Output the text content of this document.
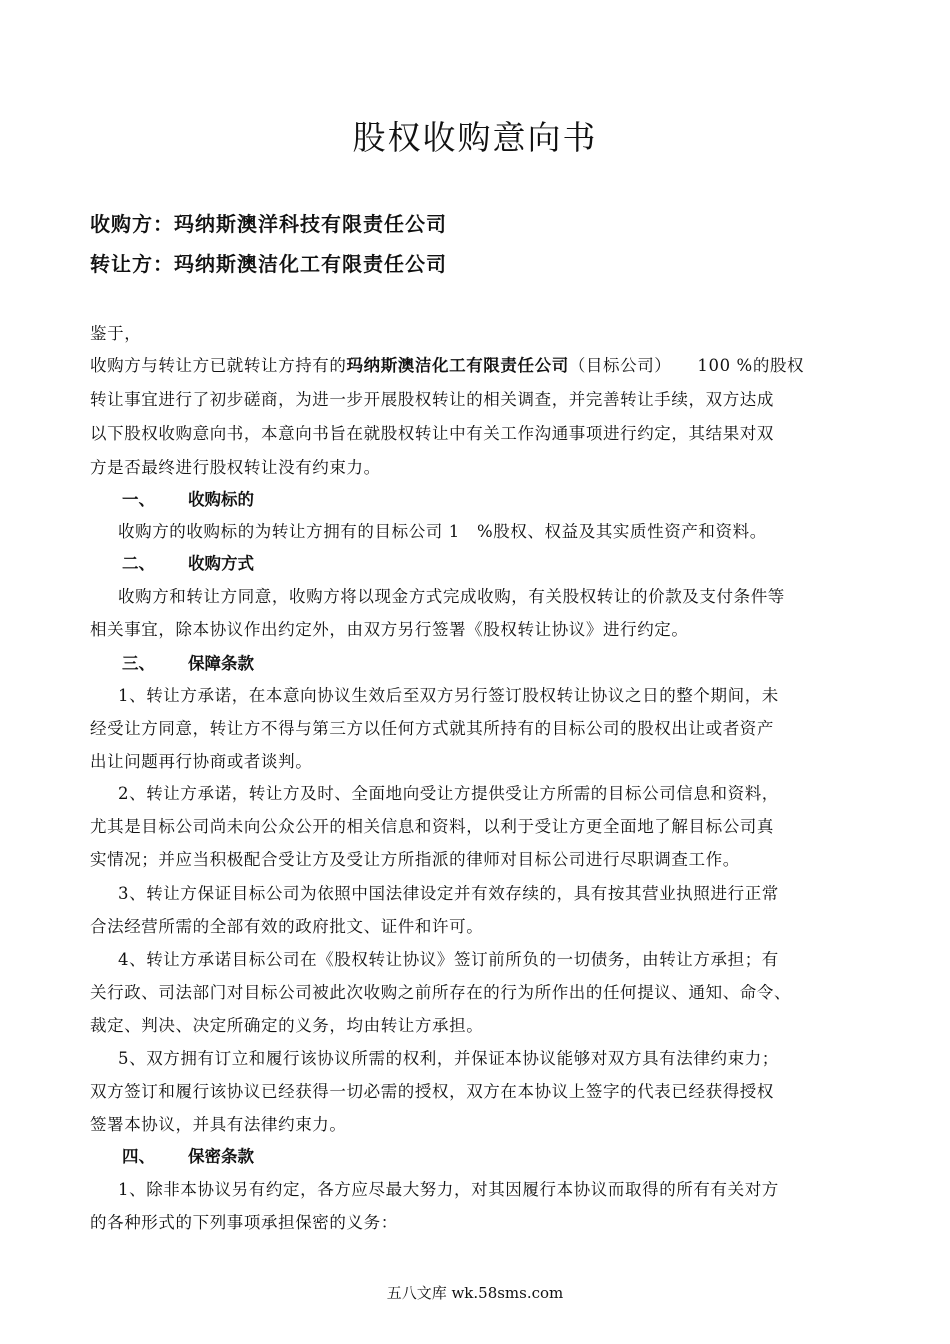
股权收购意向书
收购方：玛纳斯澳洋科技有限责任公司
转让方：玛纳斯澳洁化工有限责任公司
鉴于，
收购方与转让方已就转让方持有的玛纳斯澳洁化工有限责任公司（目标公司） 100 %的股权
转让事宜进行了初步磋商，为进一步开展股权转让的相关调查，并完善转让手续，双方达成
以下股权收购意向书，本意向书旨在就股权转让中有关工作沟通事项进行约定，其结果对双
方是否最终进行股权转让没有约束力。
一、 收购标的
收购方的收购标的为转让方拥有的目标公司 1　%股权、权益及其实质性资产和资料。
二、 收购方式
收购方和转让方同意，收购方将以现金方式完成收购，有关股权转让的价款及支付条件等
相关事宜，除本协议作出约定外，由双方另行签署《股权转让协议》进行约定。
三、 保障条款
1、转让方承诺，在本意向协议生效后至双方另行签订股权转让协议之日的整个期间，未
经受让方同意，转让方不得与第三方以任何方式就其所持有的目标公司的股权出让或者资产
出让问题再行协商或者谈判。
2、转让方承诺，转让方及时、全面地向受让方提供受让方所需的目标公司信息和资料，
尤其是目标公司尚未向公众公开的相关信息和资料，以利于受让方更全面地了解目标公司真
实情况；并应当积极配合受让方及受让方所指派的律师对目标公司进行尽职调查工作。
3、转让方保证目标公司为依照中国法律设定并有效存续的，具有按其营业执照进行正常
合法经营所需的全部有效的政府批文、证件和许可。
4、转让方承诺目标公司在《股权转让协议》签订前所负的一切债务，由转让方承担；有
关行政、司法部门对目标公司被此次收购之前所存在的行为所作出的任何提议、通知、命令、
裁定、判决、决定所确定的义务，均由转让方承担。
5、双方拥有订立和履行该协议所需的权利，并保证本协议能够对双方具有法律约束力；
双方签订和履行该协议已经获得一切必需的授权，双方在本协议上签字的代表已经获得授权
签署本协议，并具有法律约束力。
四、 保密条款
1、除非本协议另有约定，各方应尽最大努力，对其因履行本协议而取得的所有有关对方
的各种形式的下列事项承担保密的义务：
五八文库 wk.58sms.com
